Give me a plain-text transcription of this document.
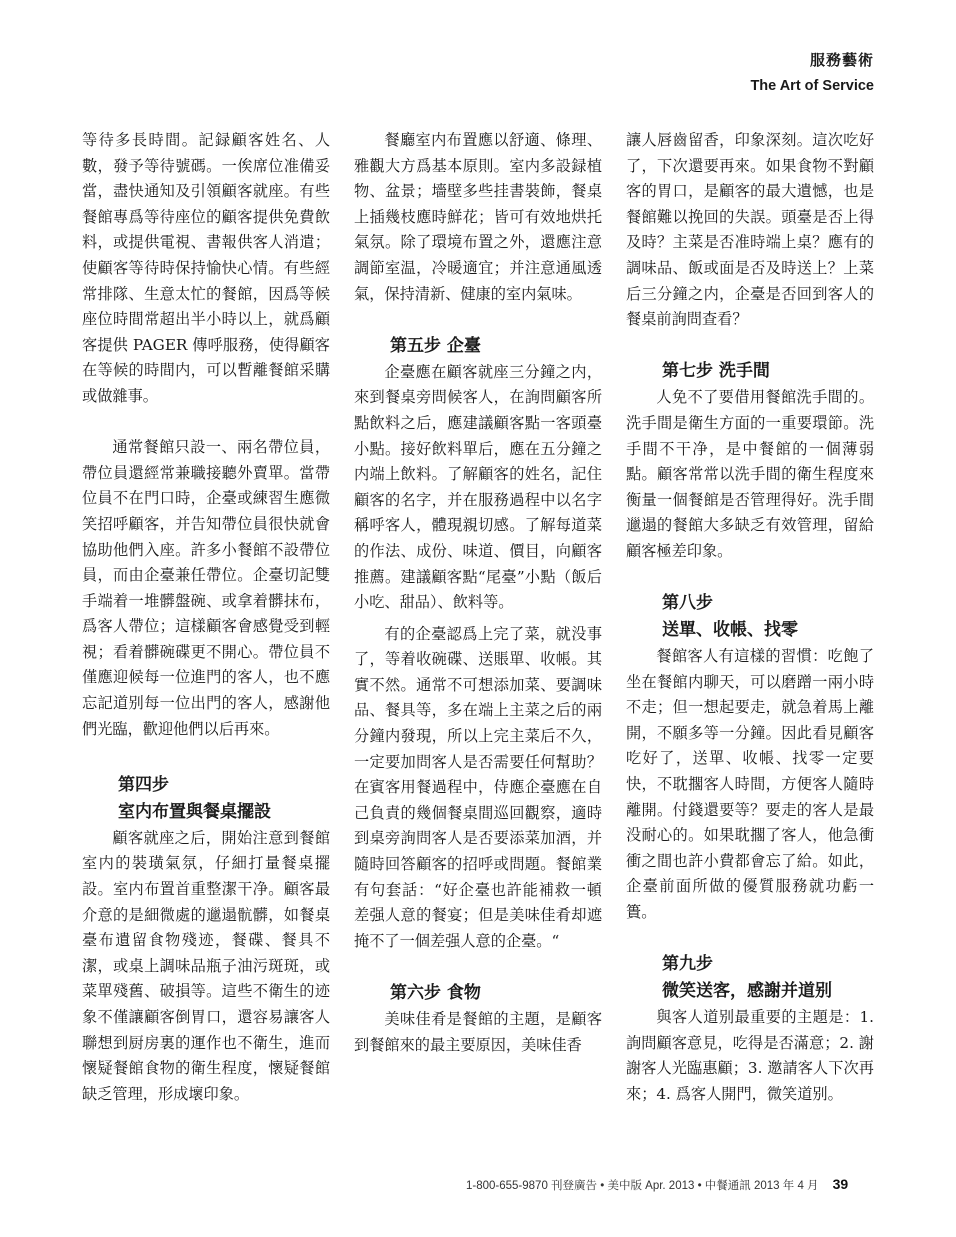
服務藝術
The Art of Service

等待多長時間。記録顧客姓名、人數，發予等待號碼。一俟席位准備妥當，盡快通知及引領顧客就座。有些餐館專爲等待座位的顧客提供免費飲料，或提供電視、書報供客人消遣；使顧客等待時保持愉快心情。有些經常排隊、生意太忙的餐館，因爲等候座位時間常超出半小時以上，就爲顧客提供 PAGER 傳呼服務，使得顧客在等候的時間内，可以暫離餐館采購或做雜事。

通常餐館只設一、兩名帶位員，帶位員還經常兼職接聽外賣單。當帶位員不在門口時，企臺或練習生應微笑招呼顧客，并告知帶位員很快就會協助他們入座。許多小餐館不設帶位員，而由企臺兼任帶位。企臺切記雙手端着一堆髒盤碗、或拿着髒抹布，爲客人帶位；這樣顧客會感覺受到輕視；看着髒碗碟更不開心。帶位員不僅應迎候每一位進門的客人，也不應忘記道别每一位出門的客人，感謝他們光臨，歡迎他們以后再來。

第四步
室内布置與餐桌擺設

顧客就座之后，開始注意到餐館室内的裝璜氣氛，仔細打量餐桌擺設。室内布置首重整潔干净。顧客最介意的是細微處的邋遢骯髒，如餐桌臺布遺留食物殘迹，餐碟、餐具不潔，或桌上調味品瓶子油污斑斑，或菜單殘舊、破損等。這些不衛生的迹象不僅讓顧客倒胃口，還容易讓客人聯想到厨房裏的運作也不衛生，進而懷疑餐館食物的衛生程度，懷疑餐館缺乏管理，形成壞印象。

餐廳室内布置應以舒適、條理、雅觀大方爲基本原則。室内多設録植物、盆景；墻壁多些挂書裝飾，餐桌上插幾枝應時鮮花；皆可有效地烘托氣氛。除了環境布置之外，還應注意調節室温，冷暖適宜；并注意通風透氣，保持清新、健康的室内氣味。

第五步 企臺

企臺應在顧客就座三分鐘之内，來到餐桌旁問候客人，在詢問顧客所點飲料之后，應建議顧客點一客頭臺小點。接好飲料單后，應在五分鐘之内端上飲料。了解顧客的姓名，記住顧客的名字，并在服務過程中以名字稱呼客人，體現親切感。了解每道菜的作法、成份、味道、價目，向顧客推薦。建議顧客點“尾臺”小點（飯后小吃、甜品）、飲料等。

有的企臺認爲上完了菜，就没事了，等着收碗碟、送賬單、收帳。其實不然。通常不可想添加菜、要調味品、餐具等，多在端上主菜之后的兩分鐘内發現，所以上完主菜后不久，一定要加問客人是否需要任何幫助？在賓客用餐過程中，侍應企臺應在自己負責的幾個餐桌間巡回觀察，適時到桌旁詢問客人是否要添菜加酒，并隨時回答顧客的招呼或問題。餐館業有句套話：“好企臺也許能補救一頓差强人意的餐宴；但是美味佳肴却遮掩不了一個差强人意的企臺。“

第六步 食物

美味佳肴是餐館的主題，是顧客到餐館來的最主要原因，美味佳香

讓人唇齒留香，印象深刻。這次吃好了，下次還要再來。如果食物不對顧客的胃口，是顧客的最大遺憾，也是餐館難以挽回的失誤。頭臺是否上得及時？主菜是否准時端上桌？應有的調味品、飯或面是否及時送上？上菜后三分鐘之内，企臺是否回到客人的餐桌前詢問查看？

第七步 洗手間

人免不了要借用餐館洗手間的。洗手間是衛生方面的一重要環節。洗手間不干净，是中餐館的一個薄弱點。顧客常常以洗手間的衛生程度來衡量一個餐館是否管理得好。洗手間邋遢的餐館大多缺乏有效管理，留給顧客極差印象。

第八步
送單、收帳、找零

餐館客人有這樣的習慣：吃飽了坐在餐館内聊天，可以磨蹭一兩小時不走；但一想起要走，就急着馬上離開，不願多等一分鐘。因此看見顧客吃好了，送單、收帳、找零一定要快，不耽擱客人時間，方便客人隨時離開。付錢還要等？要走的客人是最没耐心的。如果耽擱了客人，他急衝衝之間也許小費都會忘了給。如此，企臺前面所做的優質服務就功虧一簣。

第九步
微笑送客，感謝并道别

與客人道别最重要的主題是：1. 詢問顧客意見，吃得是否滿意；2. 謝謝客人光臨惠顧；3. 邀請客人下次再來；4. 爲客人開門，微笑道别。

1-800-655-9870 刊登廣告 • 美中版 Apr. 2013 • 中餐通訊 2013 年 4 月 39
